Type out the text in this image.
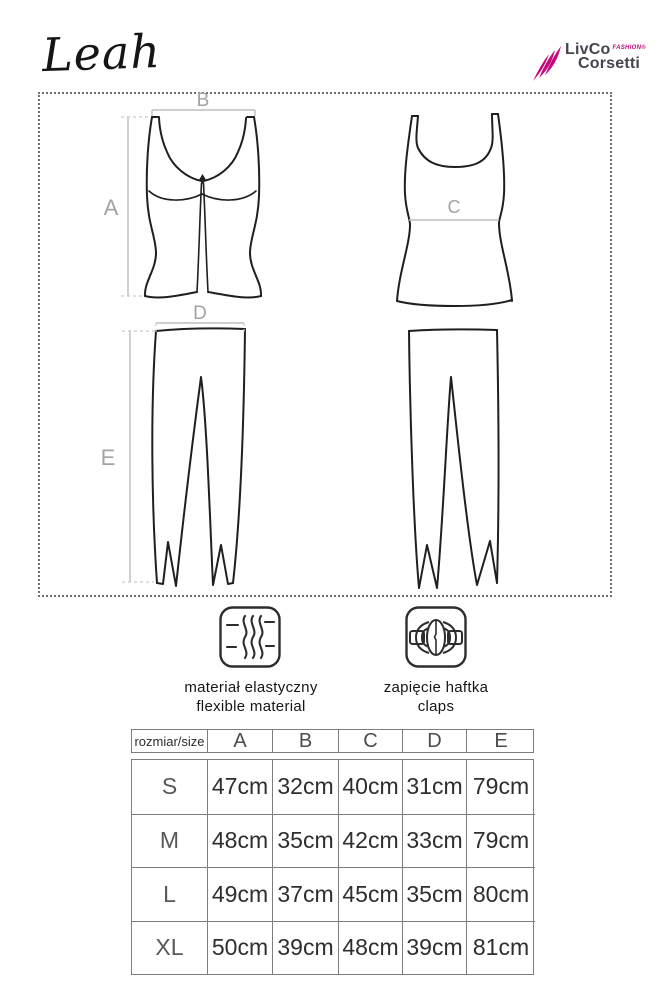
Leah	LivCo FASHION®
Corsetti
B
A	C
D
E
materiał elastyczny
flexible material
zapięcie haftka
claps
rozmiar/size	A	B	C	D	E
S	47cm 32cm 40cm 31cm 79cm
M	48cm 35cm 42cm 33cm 79cm
L	49cm 37cm 45cm 35cm 80cm
XL	50cm 39cm 48cm 39cm 81cm
